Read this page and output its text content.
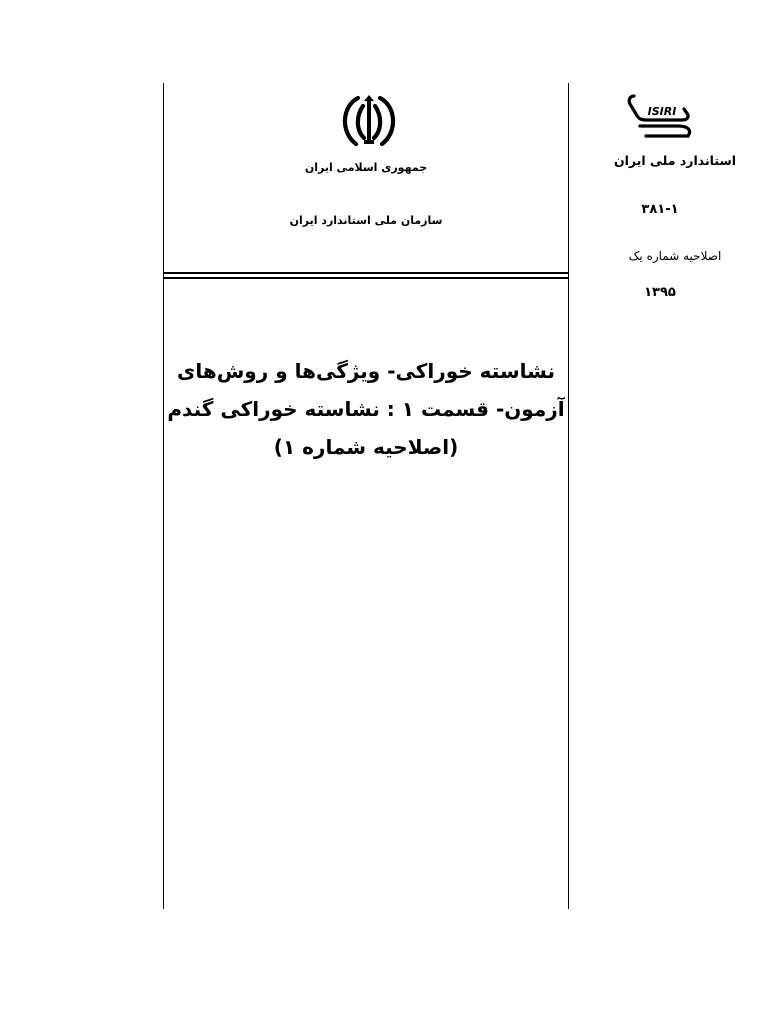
جمهوری اسلامی ایران
سازمان ملی استاندارد ایران
نشاسته خوراکی- ویژگی‌ها و روش‌های
آزمون- قسمت ۱ : نشاسته خوراکی گندم
(اصلاحیه شماره ۱)
ISIRI
استاندارد ملی ایران
۳۸۱-۱
اصلاحیه شماره یک
۱۳۹۵
